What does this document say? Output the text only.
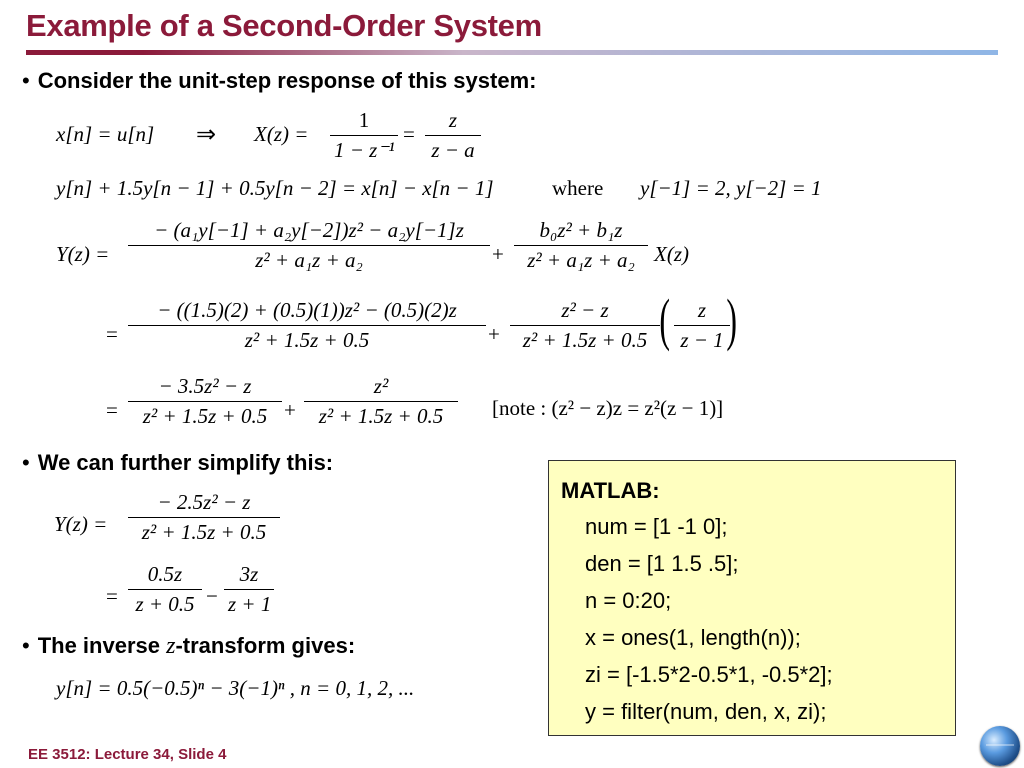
Example of a Second-Order System
• Consider the unit-step response of this system:
x[n] = u[n] ⇒ X(z) =
1
1 − z⁻¹
=
z
z − a
y[n] + 1.5y[n − 1] + 0.5y[n − 2] = x[n] − x[n − 1]	where y[−1] = 2, y[−2] = 1
Y(z) =
− (a₁y[−1] + a₂y[−2])z² − a₂y[−1]z
z² + a₁z + a₂	+
b₀z² + b₁z
z² + a₁z + a₂ X(z)
=
− ((1.5)(2) + (0.5)(1))z² − (0.5)(2)z
z² + 1.5z + 0.5	+
z² − z
z² + 1.5z + 0.5 (	z
z − 1 )
=
− 3.5z² − z
z² + 1.5z + 0.5 +
z²
z² + 1.5z + 0.5	[note : (z² − z)z = z²(z − 1)]
• We can further simplify this:
Y(z) =
− 2.5z² − z
z² + 1.5z + 0.5
=
0.5z
z + 0.5 −
3z
z + 1
• The inverse z-transform gives:
y[n] = 0.5(−0.5)ⁿ − 3(−1)ⁿ , n = 0, 1, 2, ...
MATLAB:
num = [1 -1 0];
den = [1 1.5 .5];
n = 0:20;
x = ones(1, length(n));
zi = [-1.5*2-0.5*1, -0.5*2];
y = filter(num, den, x, zi);
EE 3512: Lecture 34, Slide 4
